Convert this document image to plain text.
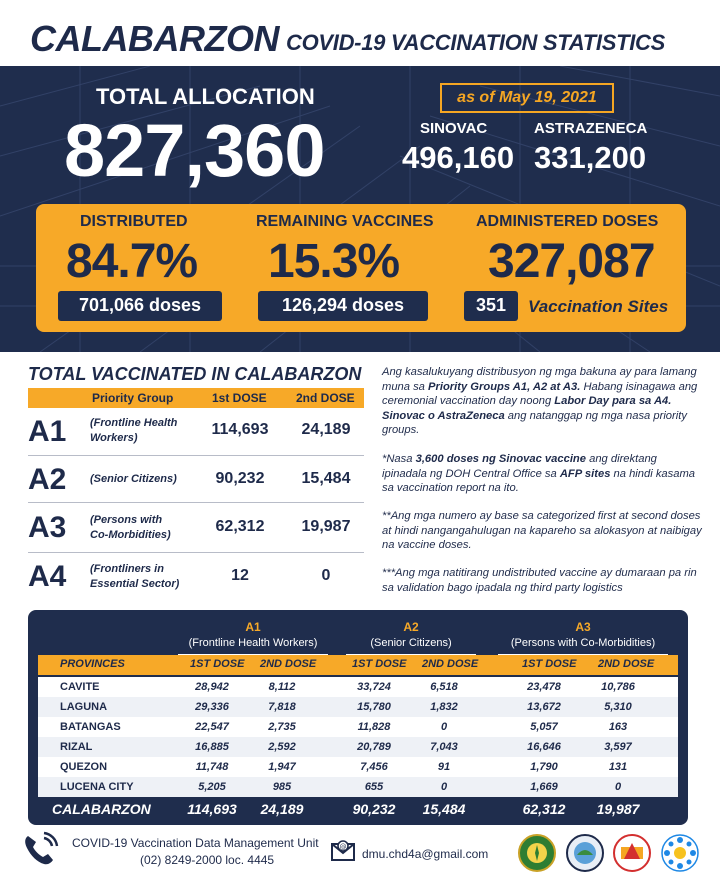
CALABARZON COVID-19 VACCINATION STATISTICS
TOTAL ALLOCATION
827,360
as of May 19, 2021
SINOVAC	ASTRAZENECA
496,160 331,200
DISTRIBUTED
84.7%
701,066 doses
REMAINING VACCINES
15.3%
126,294 doses
ADMINISTERED DOSES
327,087
351	Vaccination Sites
TOTAL VACCINATED IN CALABARZON
Priority Group	1st DOSE 2nd DOSE
A1 (Frontline Health
Workers)	114,693	24,189
A2 (Senior Citizens)	90,232	15,484
A3 (Persons with
Co-Morbidities)	62,312	19,987
A4 (Frontliners in
Essential Sector)	12	0
Ang kasalukuyang distribusyon ng mga bakuna ay para lamang muna sa Priority Groups A1, A2 at A3. Habang isinagawa ang ceremonial vaccination day noong Labor Day para sa A4. Sinovac o AstraZeneca ang natanggap ng mga nasa priority groups.
*Nasa 3,600 doses ng Sinovac vaccine ang direktang ipinadala ng DOH Central Office sa AFP sites na hindi kasama sa vaccination report na ito.
**Ang mga numero ay base sa categorized first at second doses at hindi nangangahulugan na kapareho sa alokasyon at naibigay na vaccine doses.
***Ang mga natitirang undistributed vaccine ay dumaraan pa rin sa validation bago ipadala ng third party logistics
A1
(Frontline Health Workers)
A2
(Senior Citizens)
A3
(Persons with Co-Morbidities)
PROVINCES	1ST DOSE 2ND DOSE	1ST DOSE 2ND DOSE	1ST DOSE 2ND DOSE
CAVITE	28,942	8,112	33,724	6,518	23,478	10,786
LAGUNA	29,336	7,818	15,780	1,832	13,672	5,310
BATANGAS	22,547	2,735	11,828	0	5,057	163
RIZAL	16,885	2,592	20,789	7,043	16,646	3,597
QUEZON	11,748	1,947	7,456	91	1,790	131
LUCENA CITY	5,205	985	655	0	1,669	0
CALABARZON	114,693	24,189	90,232	15,484	62,312	19,987
COVID-19 Vaccination Data Management Unit
(02) 8249-2000 loc. 4445
@ dmu.chd4a@gmail.com
